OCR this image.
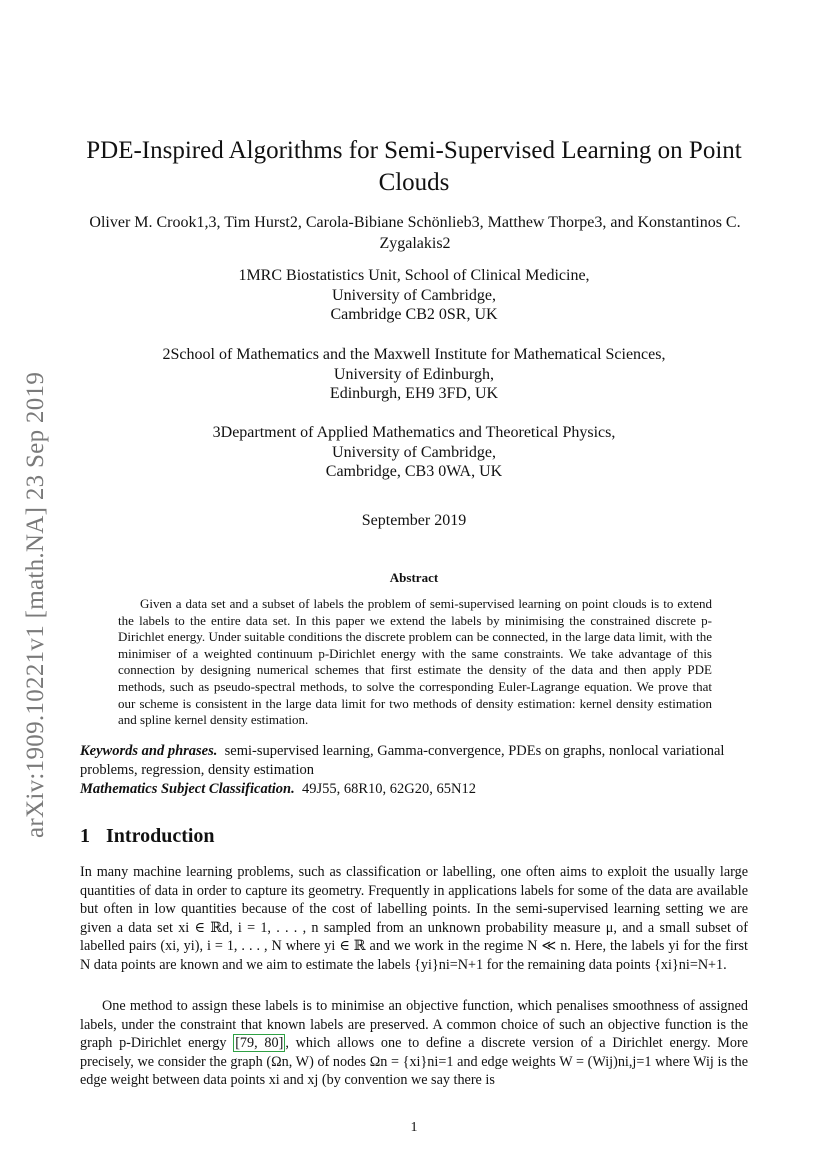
arXiv:1909.10221v1 [math.NA] 23 Sep 2019
PDE-Inspired Algorithms for Semi-Supervised Learning on Point Clouds
Oliver M. Crook1,3, Tim Hurst2, Carola-Bibiane Schönlieb3, Matthew Thorpe3, and Konstantinos C. Zygalakis2
1MRC Biostatistics Unit, School of Clinical Medicine,
University of Cambridge,
Cambridge CB2 0SR, UK
2School of Mathematics and the Maxwell Institute for Mathematical Sciences,
University of Edinburgh,
Edinburgh, EH9 3FD, UK
3Department of Applied Mathematics and Theoretical Physics,
University of Cambridge,
Cambridge, CB3 0WA, UK
September 2019
Abstract

Given a data set and a subset of labels the problem of semi-supervised learning on point clouds is to extend the labels to the entire data set. In this paper we extend the labels by minimising the constrained discrete p-Dirichlet energy. Under suitable conditions the discrete problem can be connected, in the large data limit, with the minimiser of a weighted continuum p-Dirichlet energy with the same constraints. We take advantage of this connection by designing numerical schemes that first estimate the density of the data and then apply PDE methods, such as pseudo-spectral methods, to solve the corresponding Euler-Lagrange equation. We prove that our scheme is consistent in the large data limit for two methods of density estimation: kernel density estimation and spline kernel density estimation.

Keywords and phrases. semi-supervised learning, Gamma-convergence, PDEs on graphs, nonlocal variational problems, regression, density estimation

Mathematics Subject Classification. 49J55, 68R10, 62G20, 65N12

1 Introduction

In many machine learning problems, such as classification or labelling, one often aims to exploit the usually large quantities of data in order to capture its geometry. Frequently in applications labels for some of the data are available but often in low quantities because of the cost of labelling points. In the semi-supervised learning setting we are given a data set xi ∈ ℝd, i = 1, . . . , n sampled from an unknown probability measure μ, and a small subset of labelled pairs (xi, yi), i = 1, . . . , N where yi ∈ ℝ and we work in the regime N ≪ n. Here, the labels yi for the first N data points are known and we aim to estimate the labels {yi}ni=N+1 for the remaining data points {xi}ni=N+1.

One method to assign these labels is to minimise an objective function, which penalises smoothness of assigned labels, under the constraint that known labels are preserved. A common choice of such an objective function is the graph p-Dirichlet energy [79, 80] , which allows one to define a discrete version of a Dirichlet energy. More precisely, we consider the graph (Ωn, W) of nodes Ωn = {xi}ni=1 and edge weights W = (Wij)ni,j=1 where Wij is the edge weight between data points xi and xj (by convention we say there is

1
